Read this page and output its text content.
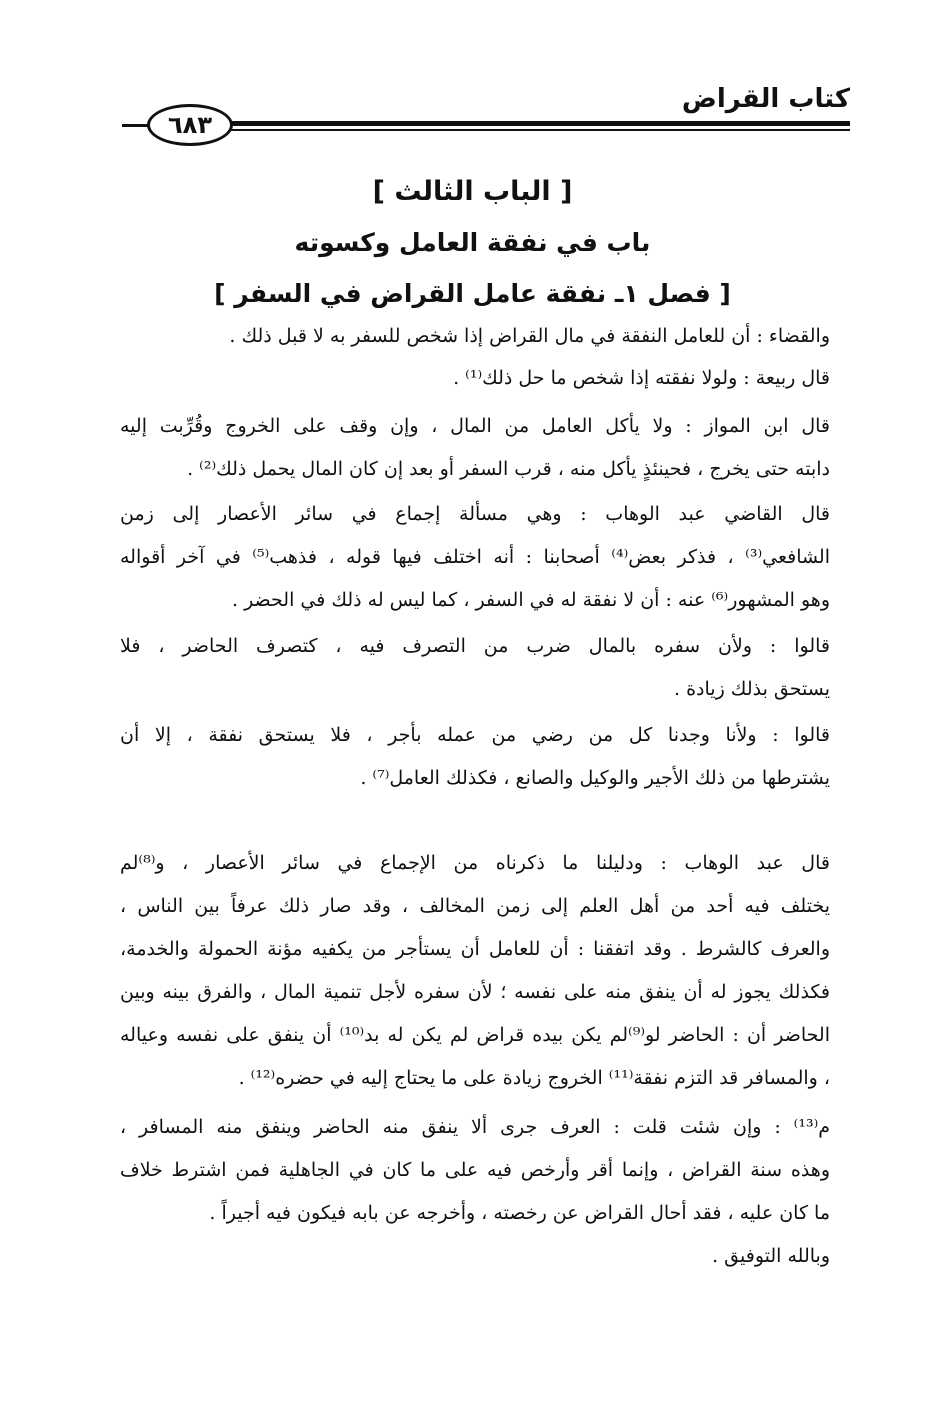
كتاب القراض
٦٨٣
[ الباب الثالث ]
باب في نفقة العامل وكسوته
[ فصل ١ـ نفقة عامل القراض في السفر ]
والقضاء : أن للعامل النفقة في مال القراض إذا شخص للسفر به لا قبل ذلك .
قال ربيعة : ولولا نفقته إذا شخص ما حل ذلك⁽¹⁾ .
قال ابن المواز : ولا يأكل العامل من المال ، وإن وقف على الخروج وقُرِّبت إليه
دابته حتى يخرج ، فحينئذٍ يأكل منه ، قرب السفر أو بعد إن كان المال يحمل ذلك⁽²⁾ .
قال القاضي عبد الوهاب : وهي مسألة إجماع في سائر الأعصار إلى زمن
الشافعي⁽³⁾ ، فذكر بعض⁽⁴⁾ أصحابنا : أنه اختلف فيها قوله ، فذهب⁽⁵⁾ في آخر أقواله
وهو المشهور⁽⁶⁾ عنه : أن لا نفقة له في السفر ، كما ليس له ذلك في الحضر .
قالوا : ولأن سفره بالمال ضرب من التصرف فيه ، كتصرف الحاضر ، فلا
يستحق بذلك زيادة .
قالوا : ولأنا وجدنا كل من رضي من عمله بأجر ، فلا يستحق نفقة ، إلا أن
يشترطها من ذلك الأجير والوكيل والصانع ، فكذلك العامل⁽⁷⁾ .
قال عبد الوهاب : ودليلنا ما ذكرناه من الإجماع في سائر الأعصار ، و⁽⁸⁾لم
يختلف فيه أحد من أهل العلم إلى زمن المخالف ، وقد صار ذلك عرفاً بين الناس ،
والعرف كالشرط . وقد اتفقنا : أن للعامل أن يستأجر من يكفيه مؤنة الحمولة والخدمة،
فكذلك يجوز له أن ينفق منه على نفسه ؛ لأن سفره لأجل تنمية المال ، والفرق بينه وبين
الحاضر أن : الحاضر لو⁽⁹⁾لم يكن بيده قراض لم يكن له بد⁽¹⁰⁾ أن ينفق على نفسه وعياله
، والمسافر قد التزم نفقة⁽¹¹⁾ الخروج زيادة على ما يحتاج إليه في حضره⁽¹²⁾ .
م⁽¹³⁾ : وإن شئت قلت : العرف جرى ألا ينفق منه الحاضر وينفق منه المسافر ،
وهذه سنة القراض ، وإنما أقر وأرخص فيه على ما كان في الجاهلية فمن اشترط خلاف
ما كان عليه ، فقد أحال القراض عن رخصته ، وأخرجه عن بابه فيكون فيه أجيراً .
وبالله التوفيق .
